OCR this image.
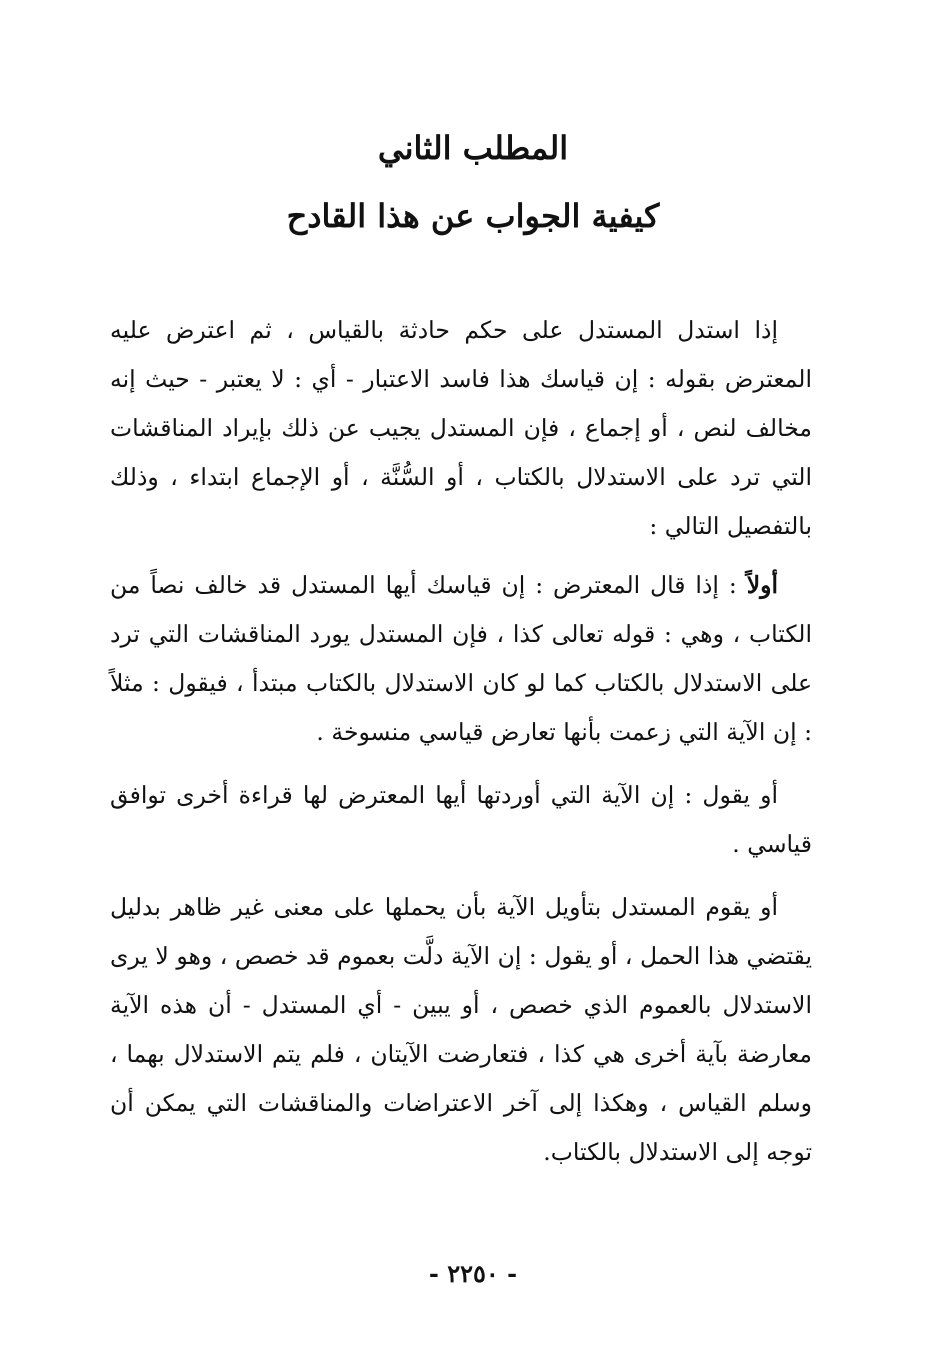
المطلب الثاني
كيفية الجواب عن هذا القادح

إذا استدل المستدل على حكم حادثة بالقياس ، ثم اعترض عليه المعترض بقوله : إن قياسك هذا فاسد الاعتبار - أي : لا يعتبر - حيث إنه مخالف لنص ، أو إجماع ، فإن المستدل يجيب عن ذلك بإيراد المناقشات التي ترد على الاستدلال بالكتاب ، أو السُّنَّة ، أو الإجماع ابتداء ، وذلك بالتفصيل التالي :

أولاً : إذا قال المعترض : إن قياسك أيها المستدل قد خالف نصاً من الكتاب ، وهي : قوله تعالى كذا ، فإن المستدل يورد المناقشات التي ترد على الاستدلال بالكتاب كما لو كان الاستدلال بالكتاب مبتدأ ، فيقول : مثلاً : إن الآية التي زعمت بأنها تعارض قياسي منسوخة .

أو يقول : إن الآية التي أوردتها أيها المعترض لها قراءة أخرى توافق قياسي .

أو يقوم المستدل بتأويل الآية بأن يحملها على معنى غير ظاهر بدليل يقتضي هذا الحمل ، أو يقول : إن الآية دلَّت بعموم قد خصص ، وهو لا يرى الاستدلال بالعموم الذي خصص ، أو يبين - أي المستدل - أن هذه الآية معارضة بآية أخرى هي كذا ، فتعارضت الآيتان ، فلم يتم الاستدلال بهما ، وسلم القياس ، وهكذا إلى آخر الاعتراضات والمناقشات التي يمكن أن توجه إلى الاستدلال بالكتاب.

- ٢٢٥٠ -
